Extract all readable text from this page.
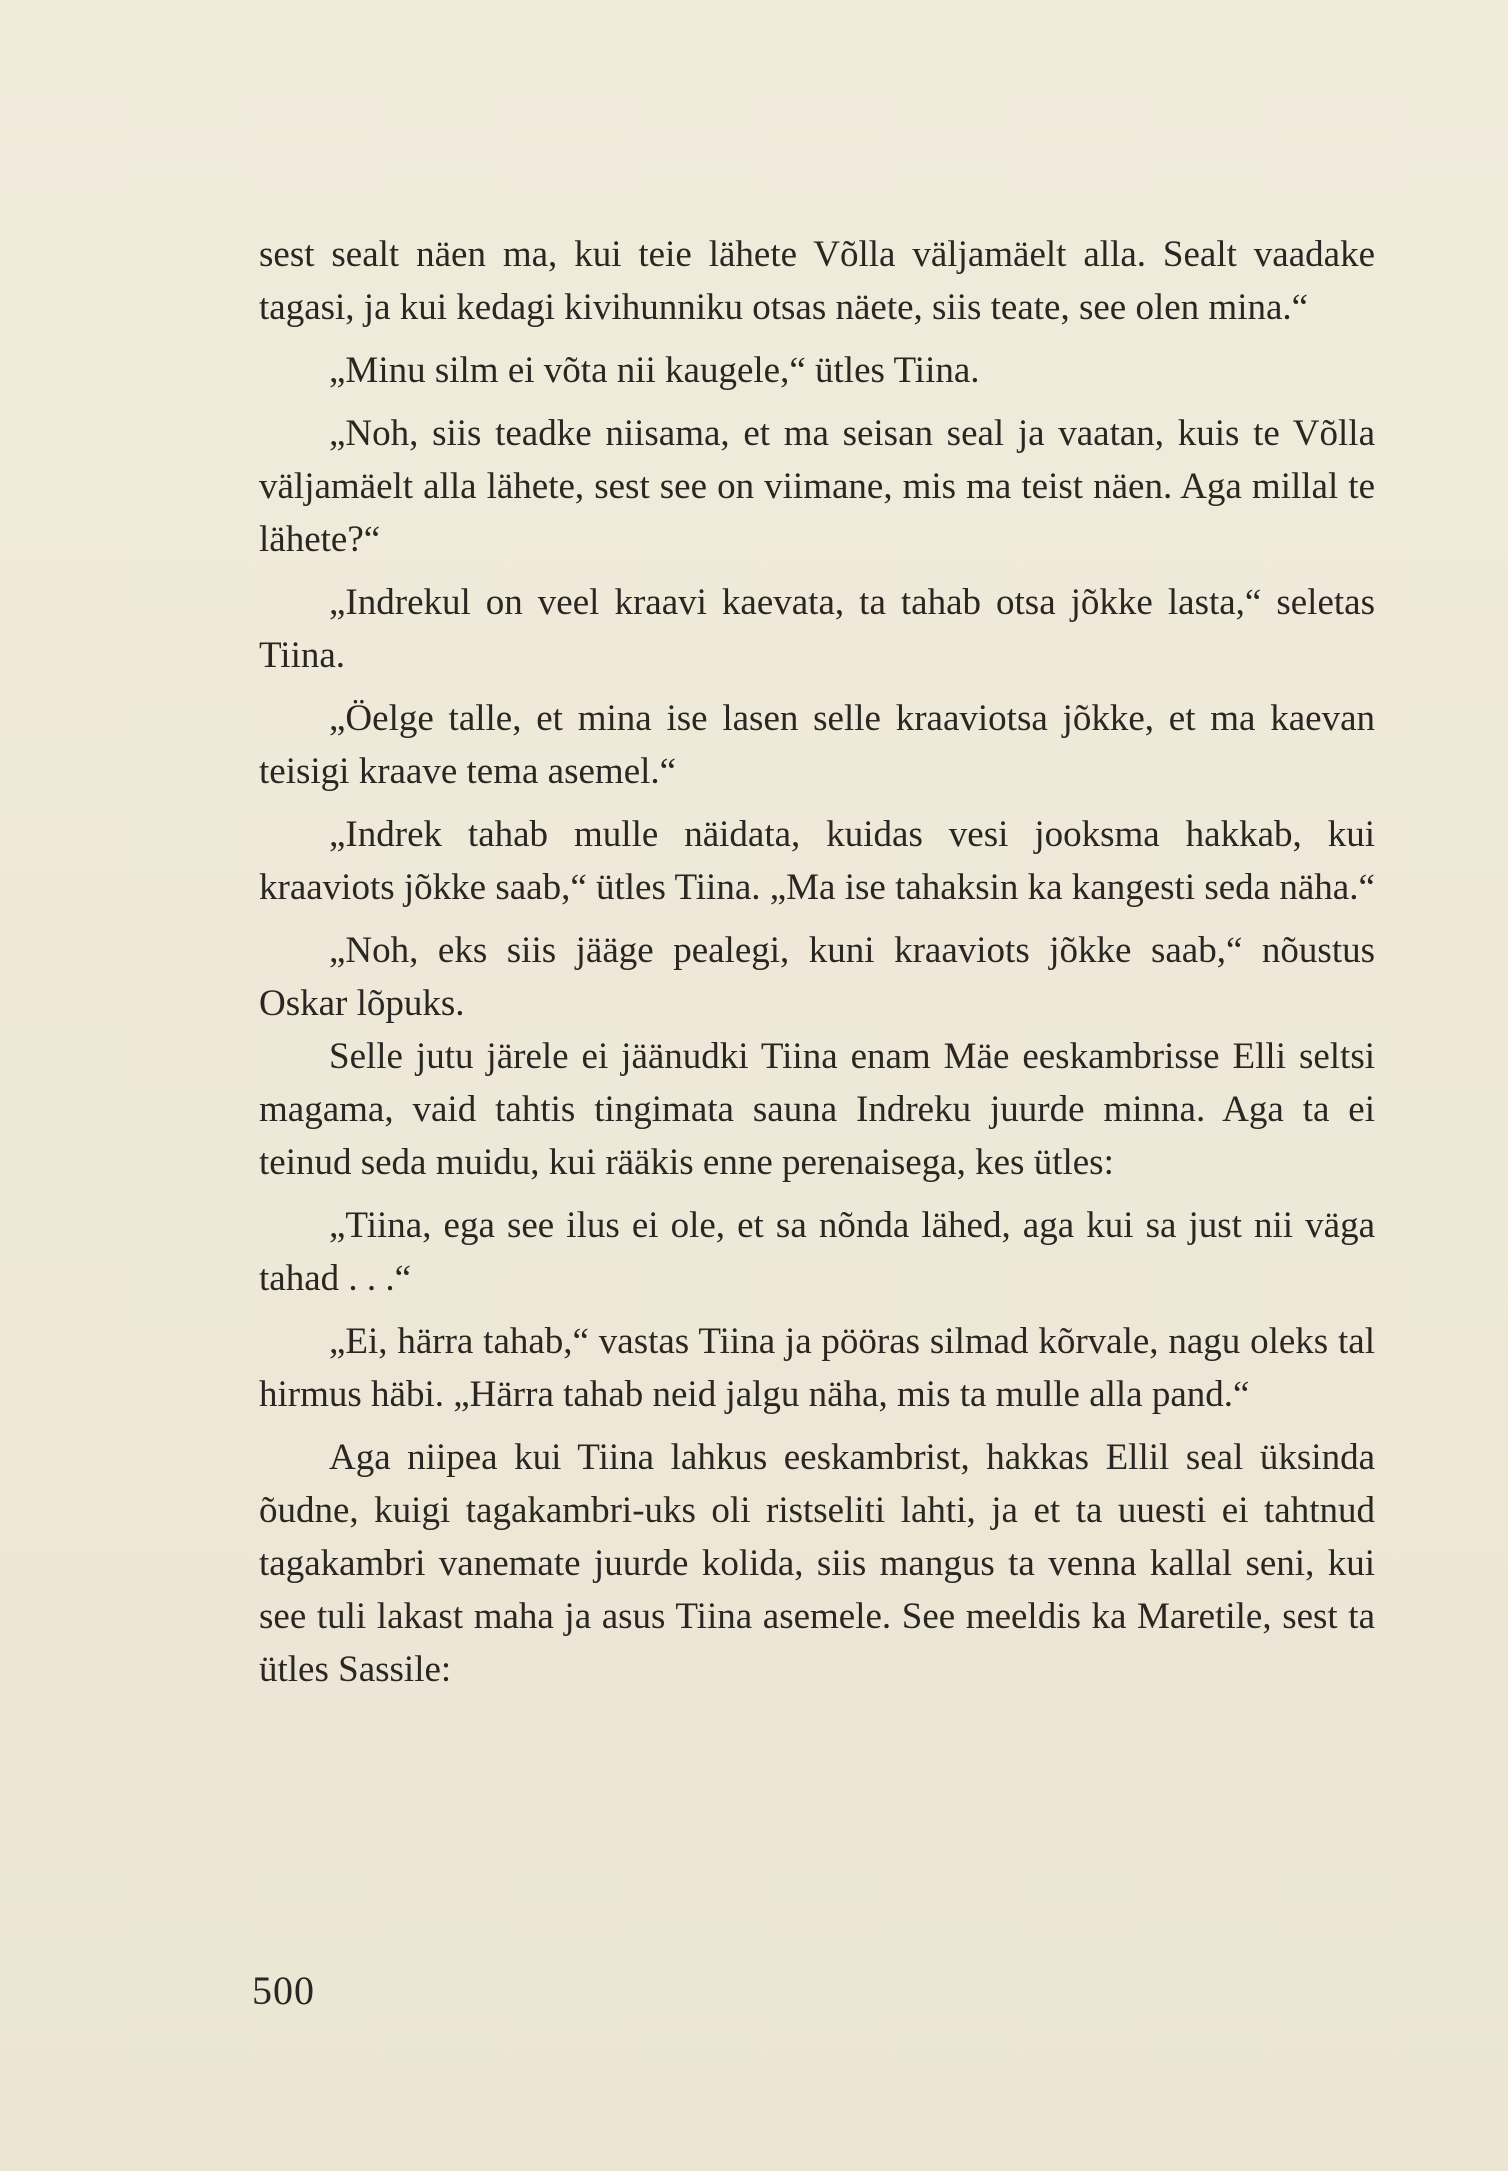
sest sealt näen ma, kui teie lähete Võlla väljamäelt alla. Sealt vaadake tagasi, ja kui kedagi kivihunniku otsas näete, siis teate, see olen mina.“

„Minu silm ei võta nii kaugele,“ ütles Tiina.

„Noh, siis teadke niisama, et ma seisan seal ja vaatan, kuis te Võlla väljamäelt alla lähete, sest see on viimane, mis ma teist näen. Aga millal te lähete?“

„Indrekul on veel kraavi kaevata, ta tahab otsa jõkke lasta,“ seletas Tiina.

„Öelge talle, et mina ise lasen selle kraaviotsa jõkke, et ma kaevan teisigi kraave tema asemel.“

„Indrek tahab mulle näidata, kuidas vesi jooksma hakkab, kui kraaviots jõkke saab,“ ütles Tiina. „Ma ise tahaksin ka kangesti seda näha.“

„Noh, eks siis jääge pealegi, kuni kraaviots jõkke saab,“ nõustus Oskar lõpuks.

Selle jutu järele ei jäänudki Tiina enam Mäe eeskambrisse Elli seltsi magama, vaid tahtis tingimata sauna Indreku juurde minna. Aga ta ei teinud seda muidu, kui rääkis enne perenaisega, kes ütles:

„Tiina, ega see ilus ei ole, et sa nõnda lähed, aga kui sa just nii väga tahad . . .“

„Ei, härra tahab,“ vastas Tiina ja pööras silmad kõrvale, nagu oleks tal hirmus häbi. „Härra tahab neid jalgu näha, mis ta mulle alla pand.“

Aga niipea kui Tiina lahkus eeskambrist, hakkas Ellil seal üksinda õudne, kuigi tagakambri-uks oli ristseliti lahti, ja et ta uuesti ei tahtnud tagakambri vanemate juurde kolida, siis mangus ta venna kallal seni, kui see tuli lakast maha ja asus Tiina asemele. See meeldis ka Maretile, sest ta ütles Sassile:

500
